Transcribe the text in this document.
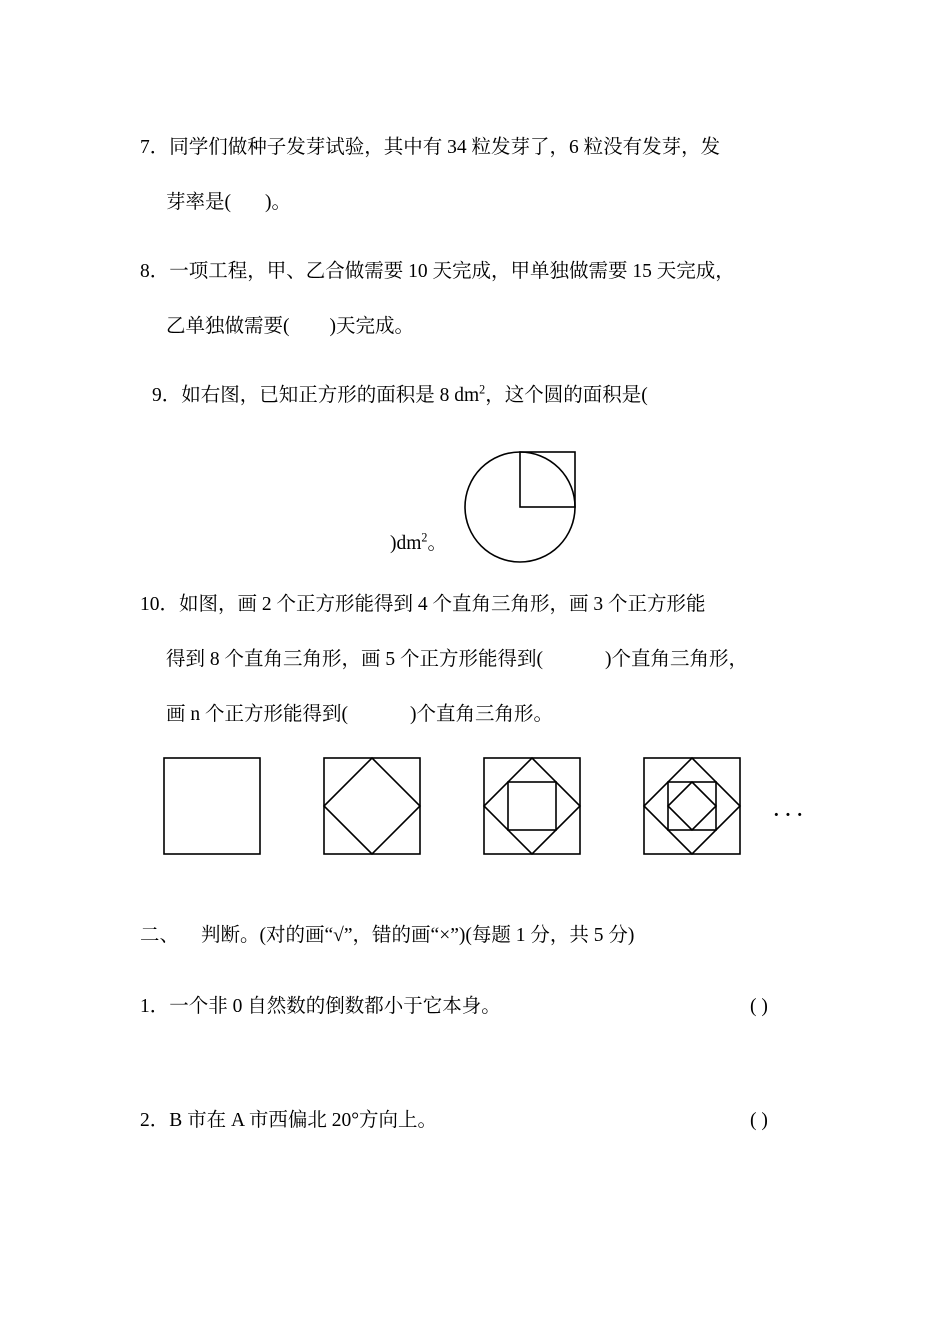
7．同学们做种子发芽试验，其中有 34 粒发芽了，6 粒没有发芽，发
芽率是( )。
8．一项工程，甲、乙合做需要 10 天完成，甲单独做需要 15 天完成，
乙单独做需要( )天完成。
9．如右图，已知正方形的面积是 8 $dm^2$，这个圆的面积是(
)$dm^2$。
10．如图，画 2 个正方形能得到 4 个直角三角形，画 3 个正方形能
得到 8 个直角三角形，画 5 个正方形能得到(	)个直角三角形，
画 n 个正方形能得到(	)个直角三角形。
···
二、 判断。(对的画“√”，错的画“×”)(每题 1 分，共 5 分)
1．一个非 0 自然数的倒数都小于它本身。	( )
2．B 市在 A 市西偏北 20°方向上。	( )
